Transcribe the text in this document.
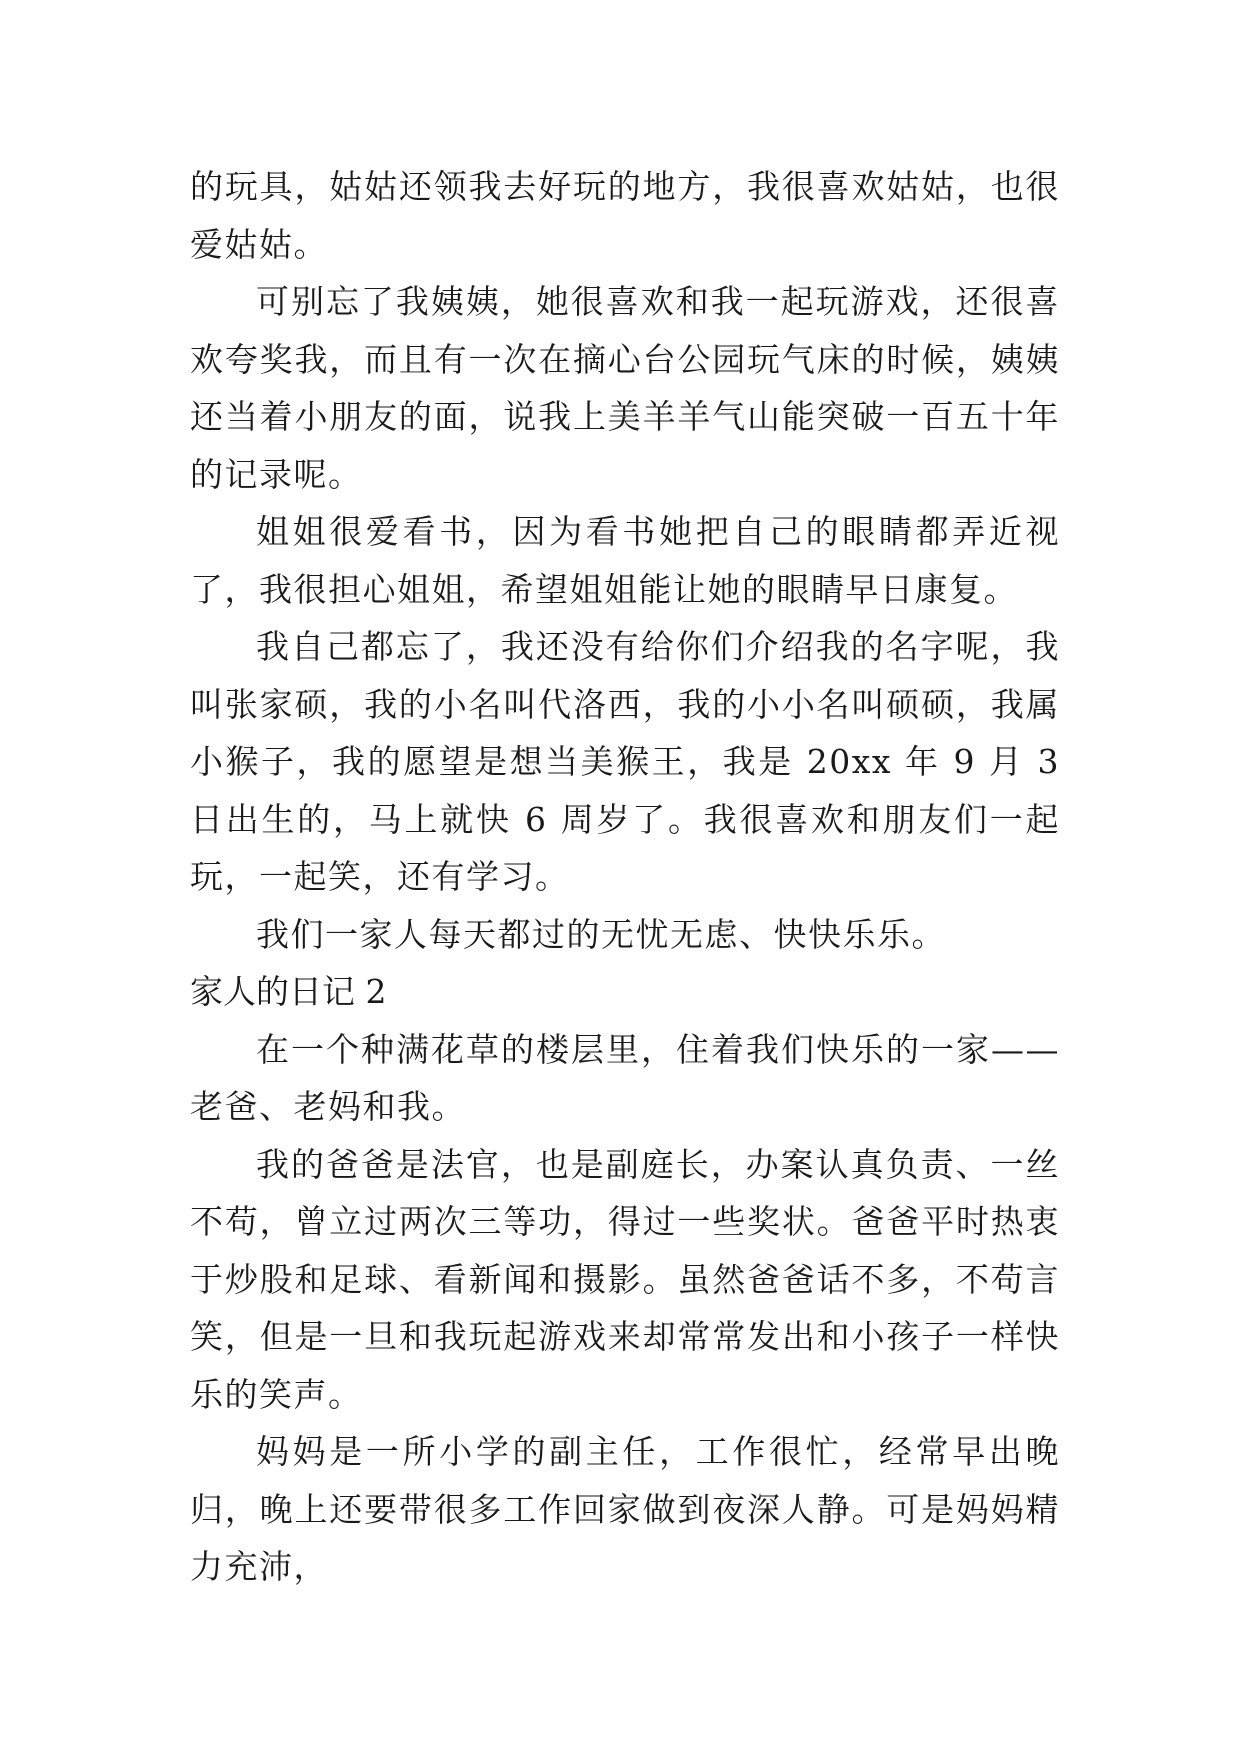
的玩具，姑姑还领我去好玩的地方，我很喜欢姑姑，也很爱姑姑。

可别忘了我姨姨，她很喜欢和我一起玩游戏，还很喜欢夸奖我，而且有一次在摘心台公园玩气床的时候，姨姨还当着小朋友的面，说我上美羊羊气山能突破一百五十年的记录呢。

姐姐很爱看书，因为看书她把自己的眼睛都弄近视了，我很担心姐姐，希望姐姐能让她的眼睛早日康复。

我自己都忘了，我还没有给你们介绍我的名字呢，我叫张家硕，我的小名叫代洛西，我的小小名叫硕硕，我属小猴子，我的愿望是想当美猴王，我是 20xx 年 9 月 3 日出生的，马上就快 6 周岁了。我很喜欢和朋友们一起玩，一起笑，还有学习。

我们一家人每天都过的无忧无虑、快快乐乐。

家人的日记 2

在一个种满花草的楼层里，住着我们快乐的一家——老爸、老妈和我。

我的爸爸是法官，也是副庭长，办案认真负责、一丝不苟，曾立过两次三等功，得过一些奖状。爸爸平时热衷于炒股和足球、看新闻和摄影。虽然爸爸话不多，不苟言笑，但是一旦和我玩起游戏来却常常发出和小孩子一样快乐的笑声。

妈妈是一所小学的副主任，工作很忙，经常早出晚归，晚上还要带很多工作回家做到夜深人静。可是妈妈精力充沛，
